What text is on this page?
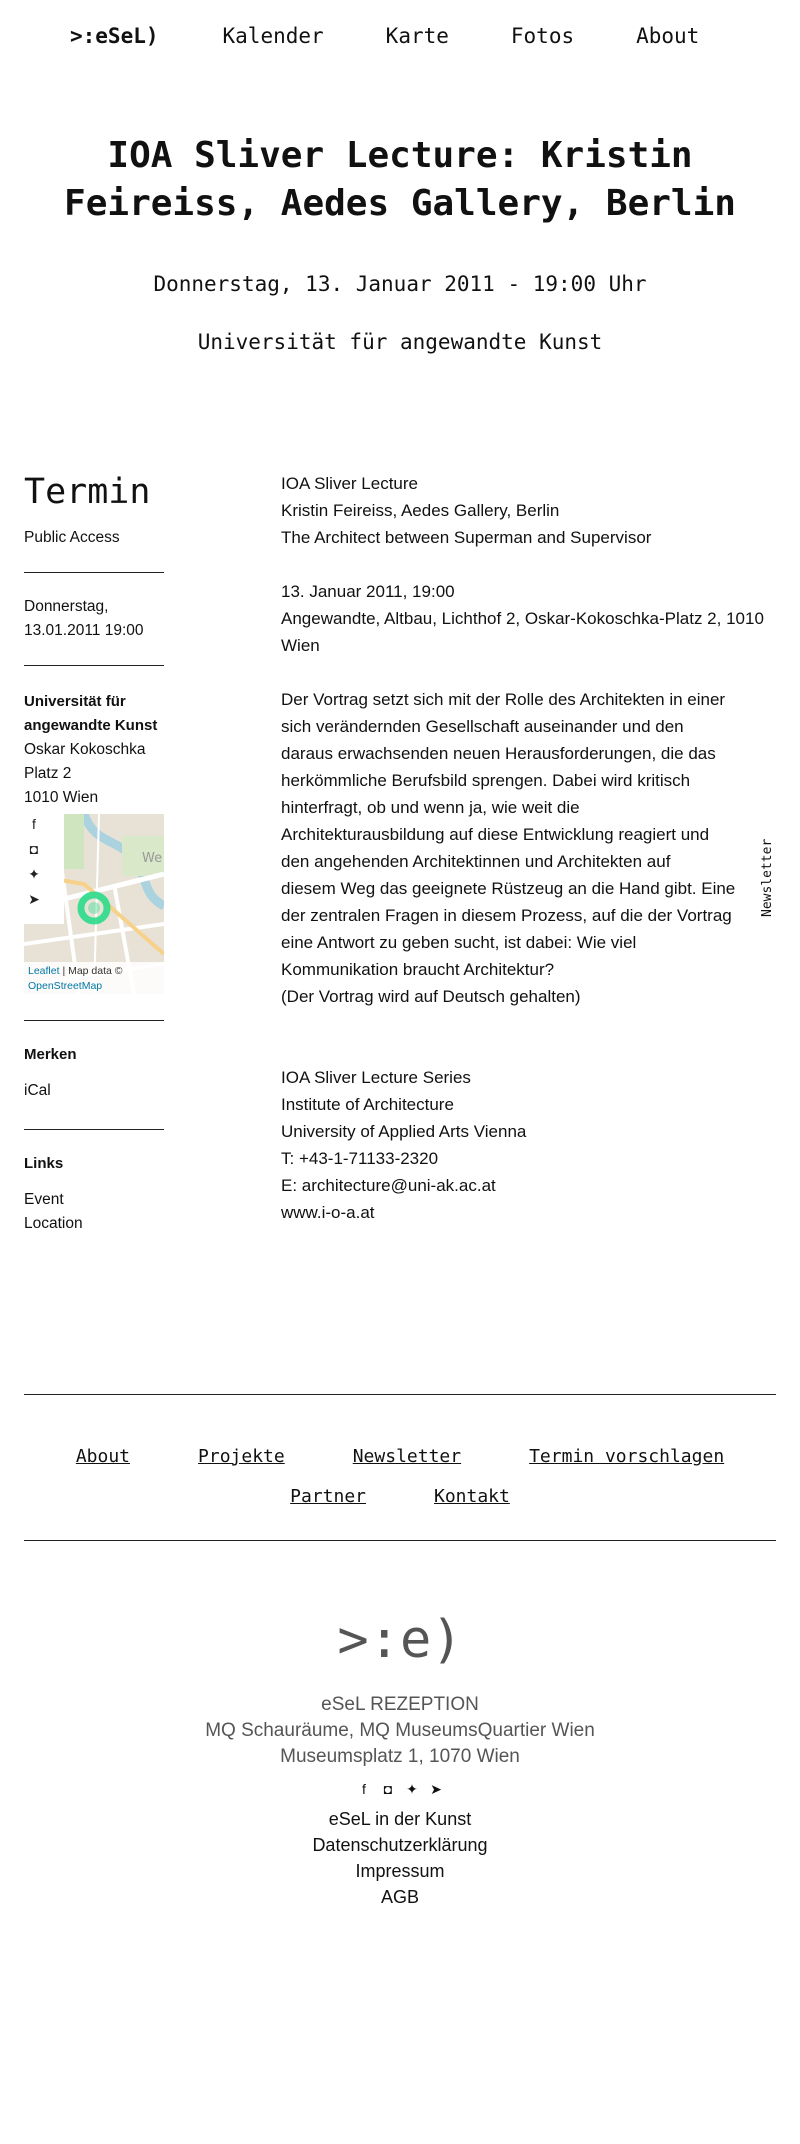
>:eSeL)	Kalender	Karte	Fotos	About
IOA Sliver Lecture: Kristin Feireiss, Aedes Gallery, Berlin
Donnerstag, 13. Januar 2011 - 19:00 Uhr
Universität für angewandte Kunst
Termin
Public Access
Donnerstag,
13.01.2011 19:00
Universität für
angewandte Kunst
Oskar Kokoschka
Platz 2
1010 Wien
We
f
◘
✦
➤
Leaflet | Map data ©
OpenStreetMap
Merken
iCal
Links
Event
Location

IOA Sliver Lecture

Kristin Feireiss, Aedes Gallery, Berlin

The Architect between Superman and Supervisor

13. Januar 2011, 19:00

Angewandte, Altbau, Lichthof 2, Oskar-Kokoschka-Platz 2, 1010 Wien

Der Vortrag setzt sich mit der Rolle des Architekten in einer

sich verändernden Gesellschaft auseinander und den

daraus erwachsenden neuen Herausforderungen, die das

herkömmliche Berufsbild sprengen. Dabei wird kritisch

hinterfragt, ob und wenn ja, wie weit die

Architekturausbildung auf diese Entwicklung reagiert und

den angehenden Architektinnen und Architekten auf

diesem Weg das geeignete Rüstzeug an die Hand gibt. Eine

der zentralen Fragen in diesem Prozess, auf die der Vortrag

eine Antwort zu geben sucht, ist dabei: Wie viel

Kommunikation braucht Architektur?

(Der Vortrag wird auf Deutsch gehalten)

IOA Sliver Lecture Series

Institute of Architecture

University of Applied Arts Vienna

T: +43-1-71133-2320

E: architecture@uni-ak.ac.at

www.i-o-a.at

Newsletter
About	Projekte	Newsletter	Termin vorschlagen
Partner	Kontakt
>:e)
eSeL REZEPTION
MQ Schauräume, MQ MuseumsQuartier Wien
Museumsplatz 1, 1070 Wien
f	◘ ✦ ➤
eSeL in der Kunst
Datenschutzerklärung
Impressum
AGB
